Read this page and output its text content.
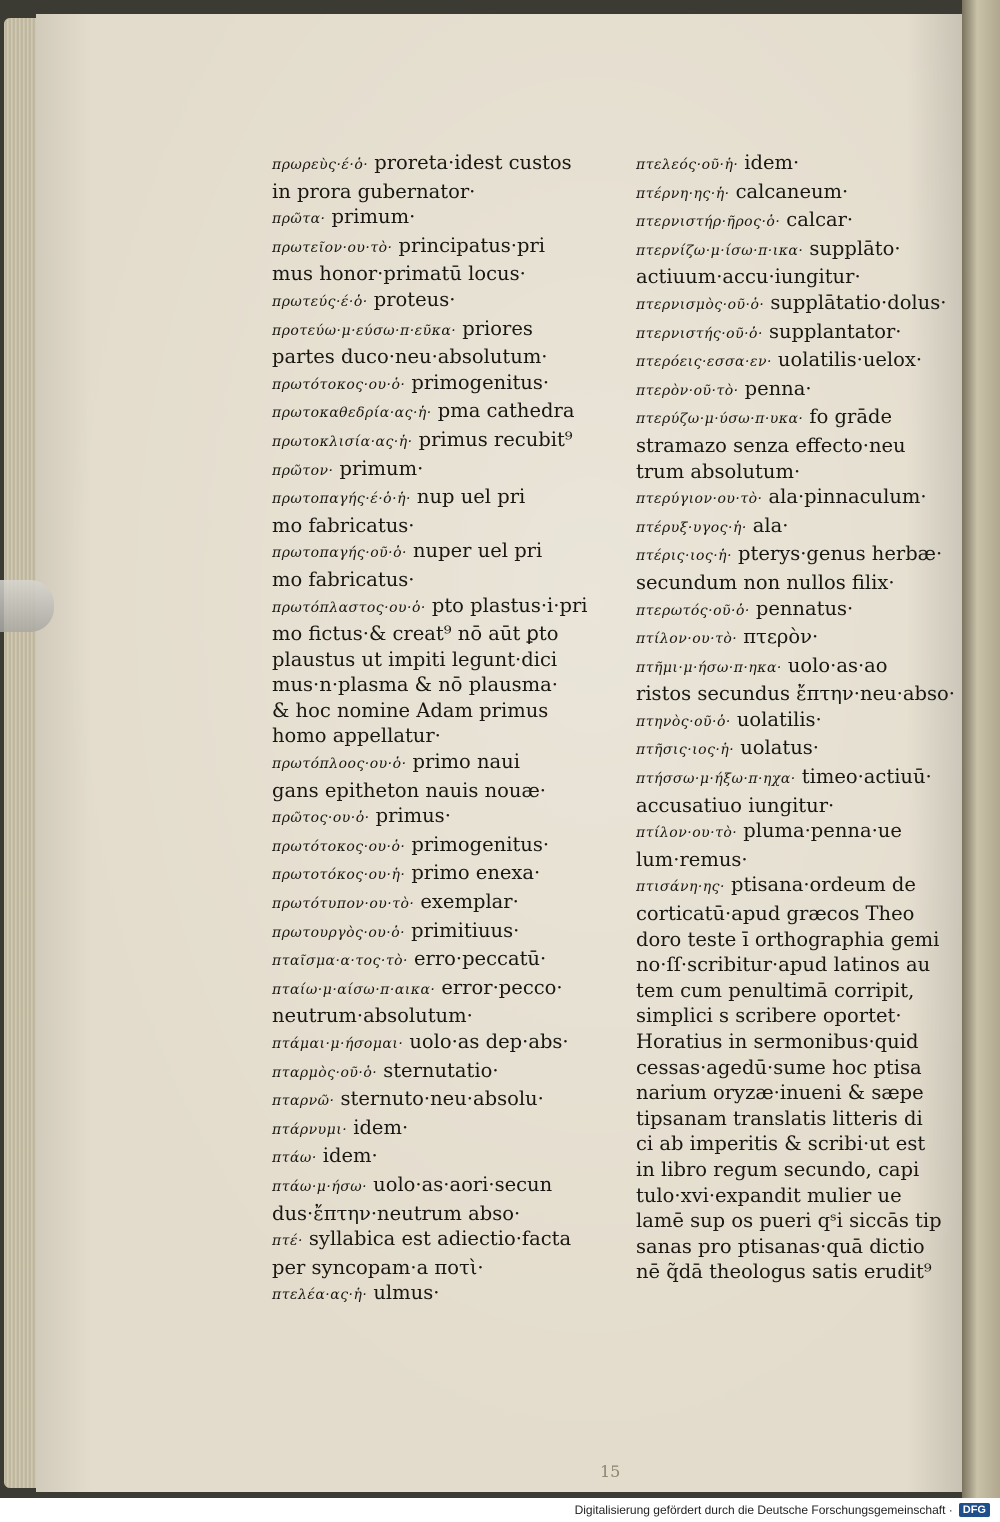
πρωρεὺς·έ·ὁ· proreta·idest custos
in prora gubernator·
πρῶτα· primum·
πρωτεῖον·ου·τὸ· principatus·pri
mus honor·primatū locus·
πρωτεύς·έ·ὁ· proteus·
προτεύω·μ·εύσω·π·εῦκα· priores
partes duco·neu·absolutum·
πρωτότοκος·ου·ὁ· primogenitus·
πρωτοκαθεδρία·ας·ἡ· pma cathedra
πρωτοκλισία·ας·ἡ· primus recubit⁹
πρῶτον· primum·
πρωτοπαγής·έ·ὁ·ἡ· nup uel pri
mo fabricatus·
πρωτοπαγής·οῦ·ὁ· nuper uel pri
mo fabricatus·
πρωτόπλαστος·ου·ὁ· pto plastus·i·pri
mo fictus·& creat⁹ nō aūt ꝑto
plaustus ut impiti legunt·dici
mus·n·plasma & nō plausma·
& hoc nomine Adam primus
homo appellatur·
πρωτόπλοος·ου·ὁ· primo naui
gans epitheton nauis nouæ·
πρῶτος·ου·ὁ· primus·
πρωτότοκος·ου·ὁ· primogenitus·
πρωτοτόκος·ου·ἡ· primo enexa·
πρωτότυπον·ου·τὸ· exemplar·
πρωτουργὸς·ου·ὁ· primitiuus·
πταῖσμα·α·τος·τὸ· erro·peccatū·
πταίω·μ·αίσω·π·αικα· error·pecco·
neutrum·absolutum·
πτάμαι·μ·ήσομαι· uolo·as dep·abs·
πταρμὸς·οῦ·ὁ· sternutatio·
πταρνῶ· sternuto·neu·absolu·
πτάρνυμι· idem·
πτάω· idem·
πτάω·μ·ήσω· uolo·as·aori·secun
dus·ἔπτην·neutrum abso·
πτέ· syllabica est adiectio·facta
per syncopam·a ποτὶ·
πτελέα·ας·ἡ· ulmus·
πτελεός·οῦ·ἡ· idem·
πτέρνη·ης·ἡ· calcaneum·
πτερνιστήρ·ῆρος·ὁ· calcar·
πτερνίζω·μ·ίσω·π·ικα· supplāto·
actiuum·accu·iungitur·
πτερνισμὸς·οῦ·ὁ· supplātatio·dolus·
πτερνιστής·οῦ·ὁ· supplantator·
πτερόεις·εσσα·εν· uolatilis·uelox·
πτερὸν·οῦ·τὸ· penna·
πτερύζω·μ·ύσω·π·υκα· fo grāde
stramazo senza effecto·neu
trum absolutum·
πτερύγιον·ου·τὸ· ala·pinnaculum·
πτέρυξ·υγος·ἡ· ala·
πτέρις·ιος·ἡ· pterys·genus herbæ·
secundum non nullos filix·
πτερωτός·οῦ·ὁ· pennatus·
πτίλον·ου·τὸ· πτερὸν·
πτῆμι·μ·ήσω·π·ηκα· uolo·as·ao
ristos secundus ἔπτην·neu·abso·
πτηνὸς·οῦ·ὁ· uolatilis·
πτῆσις·ιος·ἡ· uolatus·
πτήσσω·μ·ήξω·π·ηχα· timeo·actiuū·
accusatiuo iungitur·
πτίλον·ου·τὸ· pluma·penna·ue
lum·remus·
πτισάνη·ης· ptisana·ordeum de
corticatū·apud græcos Theo
doro teste ī orthographia gemi
no·ſſ·scribitur·apud latinos au
tem cum penultimā corripit,
simplici s scribere oportet·
Horatius in sermonibus·quid
cessas·agedū·sume hoc ptisa
narium oryzæ·inueni & sæpe
tipsanam translatis litteris di
ci ab imperitis & scribi·ut est
in libro regum secundo, capi
tulo·xvi·expandit mulier ue
lamē sup os pueri qˢi siccās tip
sanas pro ptisanas·quā dictio
nē q̃dā theologus satis erudit⁹
15
Digitalisierung gefördert durch die Deutsche Forschungsgemeinschaft · DFG
